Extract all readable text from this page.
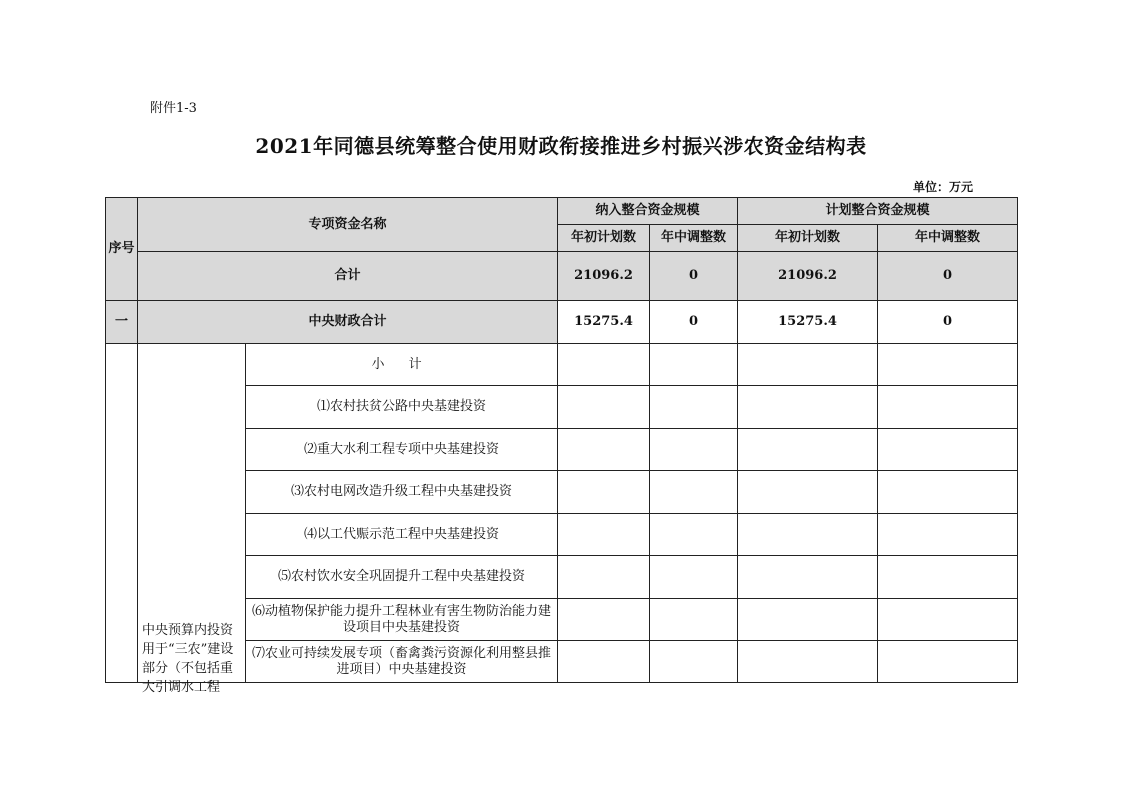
附件1-3
2021年同德县统筹整合使用财政衔接推进乡村振兴涉农资金结构表
单位：万元
序号	专项资金名称		纳入整合资金规模		计划整合资金规模	
			年初计划数	年中调整数	年初计划数	年中调整数
	合计		21096.2	0	21096.2	0
一	中央财政合计		15275.4	0	15275.4	0

	中央预算内投资用于“三农”建设部分（不包括重大引调水工程	小 计				
		⑴农村扶贫公路中央基建投资				
		⑵重大水利工程专项中央基建投资				
		⑶农村电网改造升级工程中央基建投资				
		⑷以工代赈示范工程中央基建投资				
		⑸农村饮水安全巩固提升工程中央基建投资				
		⑹动植物保护能力提升工程林业有害生物防治能力建设项目中央基建投资				
		⑺农业可持续发展专项（畜禽粪污资源化利用整县推进项目）中央基建投资				
